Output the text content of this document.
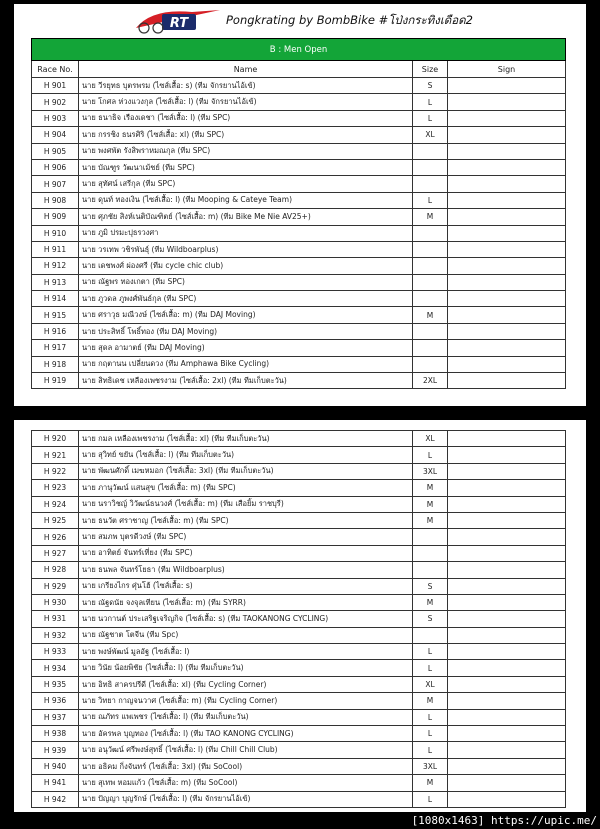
RT	Pongkrating by BombBike #โป่งกระทิงเดือด2
B : Men Open			
Race No.	Name	Size	Sign
H 901	นาย วีรยุทธ บุตรพรม (ไซส์เสื้อ: s) (ทีม จักรยานไอ้เข้)	S	
H 902	นาย โกศล ห่วงแวงกุล (ไซส์เสื้อ: l) (ทีม จักรยานไอ้เข้)	L	
H 903	นาย ธนาธิจ เรืองเดชา (ไซส์เสื้อ: l) (ทีม SPC)	L	
H 904	นาย กรรชิง ธนรศิริ (ไซส์เสื้อ: xl) (ทีม SPC)	XL	
H 905	นาย พงศพัต รังสิพราหมณกุล (ทีม SPC)		
H 906	นาย บัณฑูร วัฒนาเม้ชย์ (ทีม SPC)		
H 907	นาย สุทัศน์ เสรีกุล (ทีม SPC)		
H 908	นาย ดุนท์ ทองเงิน (ไซส์เสื้อ: l) (ทีม Mooping & Cateye Team)	L	
H 909	นาย ศุภชัย สิงห์เนติบัณฑิตย์ (ไซส์เสื้อ: m) (ทีม Bike Me Nie AV25+)	M	
H 910	นาย ภูมิ ปรมะปุธรวงศา		
H 911	นาย วรเทพ วชิรพันธุ์ (ทีม Wildboarplus)		
H 912	นาย เดชพงศ์ ผ่องศรี (ทีม cycle chic club)		
H 913	นาย ณัฐพร ทองเกตา (ทีม SPC)		
H 914	นาย ภูวดล ภูพงศ์พันธ์กุล (ทีม SPC)		
H 915	นาย ศราวุธ มณีวงษ์ (ไซส์เสื้อ: m) (ทีม DAJ Moving)	M	
H 916	นาย ประสิทธิ์ โพธิ์ทอง (ทีม DAJ Moving)		
H 917	นาย สุดล อามาตย์ (ทีม DAJ Moving)		
H 918	นาย กฤตานน เปลี่ยนดวง (ทีม Amphawa Bike Cycling)		
H 919	นาย สิทธิเดช เหลืองเพชรงาม (ไซส์เสื้อ: 2xl) (ทีม ทีมเก็บตะวัน)	2XL	
H 920	นาย กมล เหลืองเพชรงาม (ไซส์เสื้อ: xl) (ทีม ทีมเก็บตะวัน)	XL	
H 921	นาย สุวิทย์ ขยัน (ไซส์เสื้อ: l) (ทีม ทีมเก็บตะวัน)	L	
H 922	นาย พัฒนศักดิ์ เมฆหมอก (ไซส์เสื้อ: 3xl) (ทีม ทีมเก็บตะวัน)	3XL	
H 923	นาย ภานุวัฒน์ แสนสุข (ไซส์เสื้อ: m) (ทีม SPC)	M	
H 924	นาย นราวิชญ์ วิวัฒน์ธนวงศ์ (ไซส์เสื้อ: m) (ทีม เสือยิ้ม ราชบุรี)	M	
H 925	นาย ธนวัต ศราชาญ (ไซส์เสื้อ: m) (ทีม SPC)	M	
H 926	นาย สมภพ บุตรดีวงษ์ (ทีม SPC)		
H 927	นาย อาทิตย์ จันทร์เที่ยง (ทีม SPC)		
H 928	นาย ธนพล จันทร์โยธา (ทีม Wildboarplus)		
H 929	นาย เกรียงไกร ศุ่นโฮ้ (ไซส์เสื้อ: s)	S	
H 930	นาย ณัฐดนัย จงจุลเทียน (ไซส์เสื้อ: m) (ทีม SYRR)	M	
H 931	นาย นวกานต์ ประเสริฐเจริญกิจ (ไซส์เสื้อ: s) (ทีม TAOKANONG CYCLING)	S	
H 932	นาย ณัฐชาต โตจีน (ทีม Spc)		
H 933	นาย พงษ์พัฒน์ มูลอัฐ (ไซส์เสื้อ: l)	L	
H 934	นาย วินัย น้อยพิชัย (ไซส์เสื้อ: l) (ทีม ทีมเก็บตะวัน)	L	
H 935	นาย อิทธิ สาครปรีดี (ไซส์เสื้อ: xl) (ทีม Cycling Corner)	XL	
H 936	นาย วิทยา กาญจนวาศ (ไซส์เสื้อ: m) (ทีม Cycling Corner)	M	
H 937	นาย ณภัทร แพเพชร (ไซส์เสื้อ: l) (ทีม ทีมเก็บตะวัน)	L	
H 938	นาย อัครพล บุญทอง (ไซส์เสื้อ: l) (ทีม TAO KANONG CYCLING)	L	
H 939	นาย อนุวัฒน์ ศรีพงษ์สุทธิ์ (ไซส์เสื้อ: l) (ทีม Chill Chill Club)	L	
H 940	นาย อธิคม กิ่งจันทร์ (ไซส์เสื้อ: 3xl) (ทีม SoCool)	3XL	
H 941	นาย สุเทพ หอมแก้ว (ไซส์เสื้อ: m) (ทีม SoCool)	M	
H 942	นาย ปัญญา บุญรักษ์ (ไซส์เสื้อ: l) (ทีม จักรยานไอ้เข้)	L	
[1080x1463] https://upic.me/
